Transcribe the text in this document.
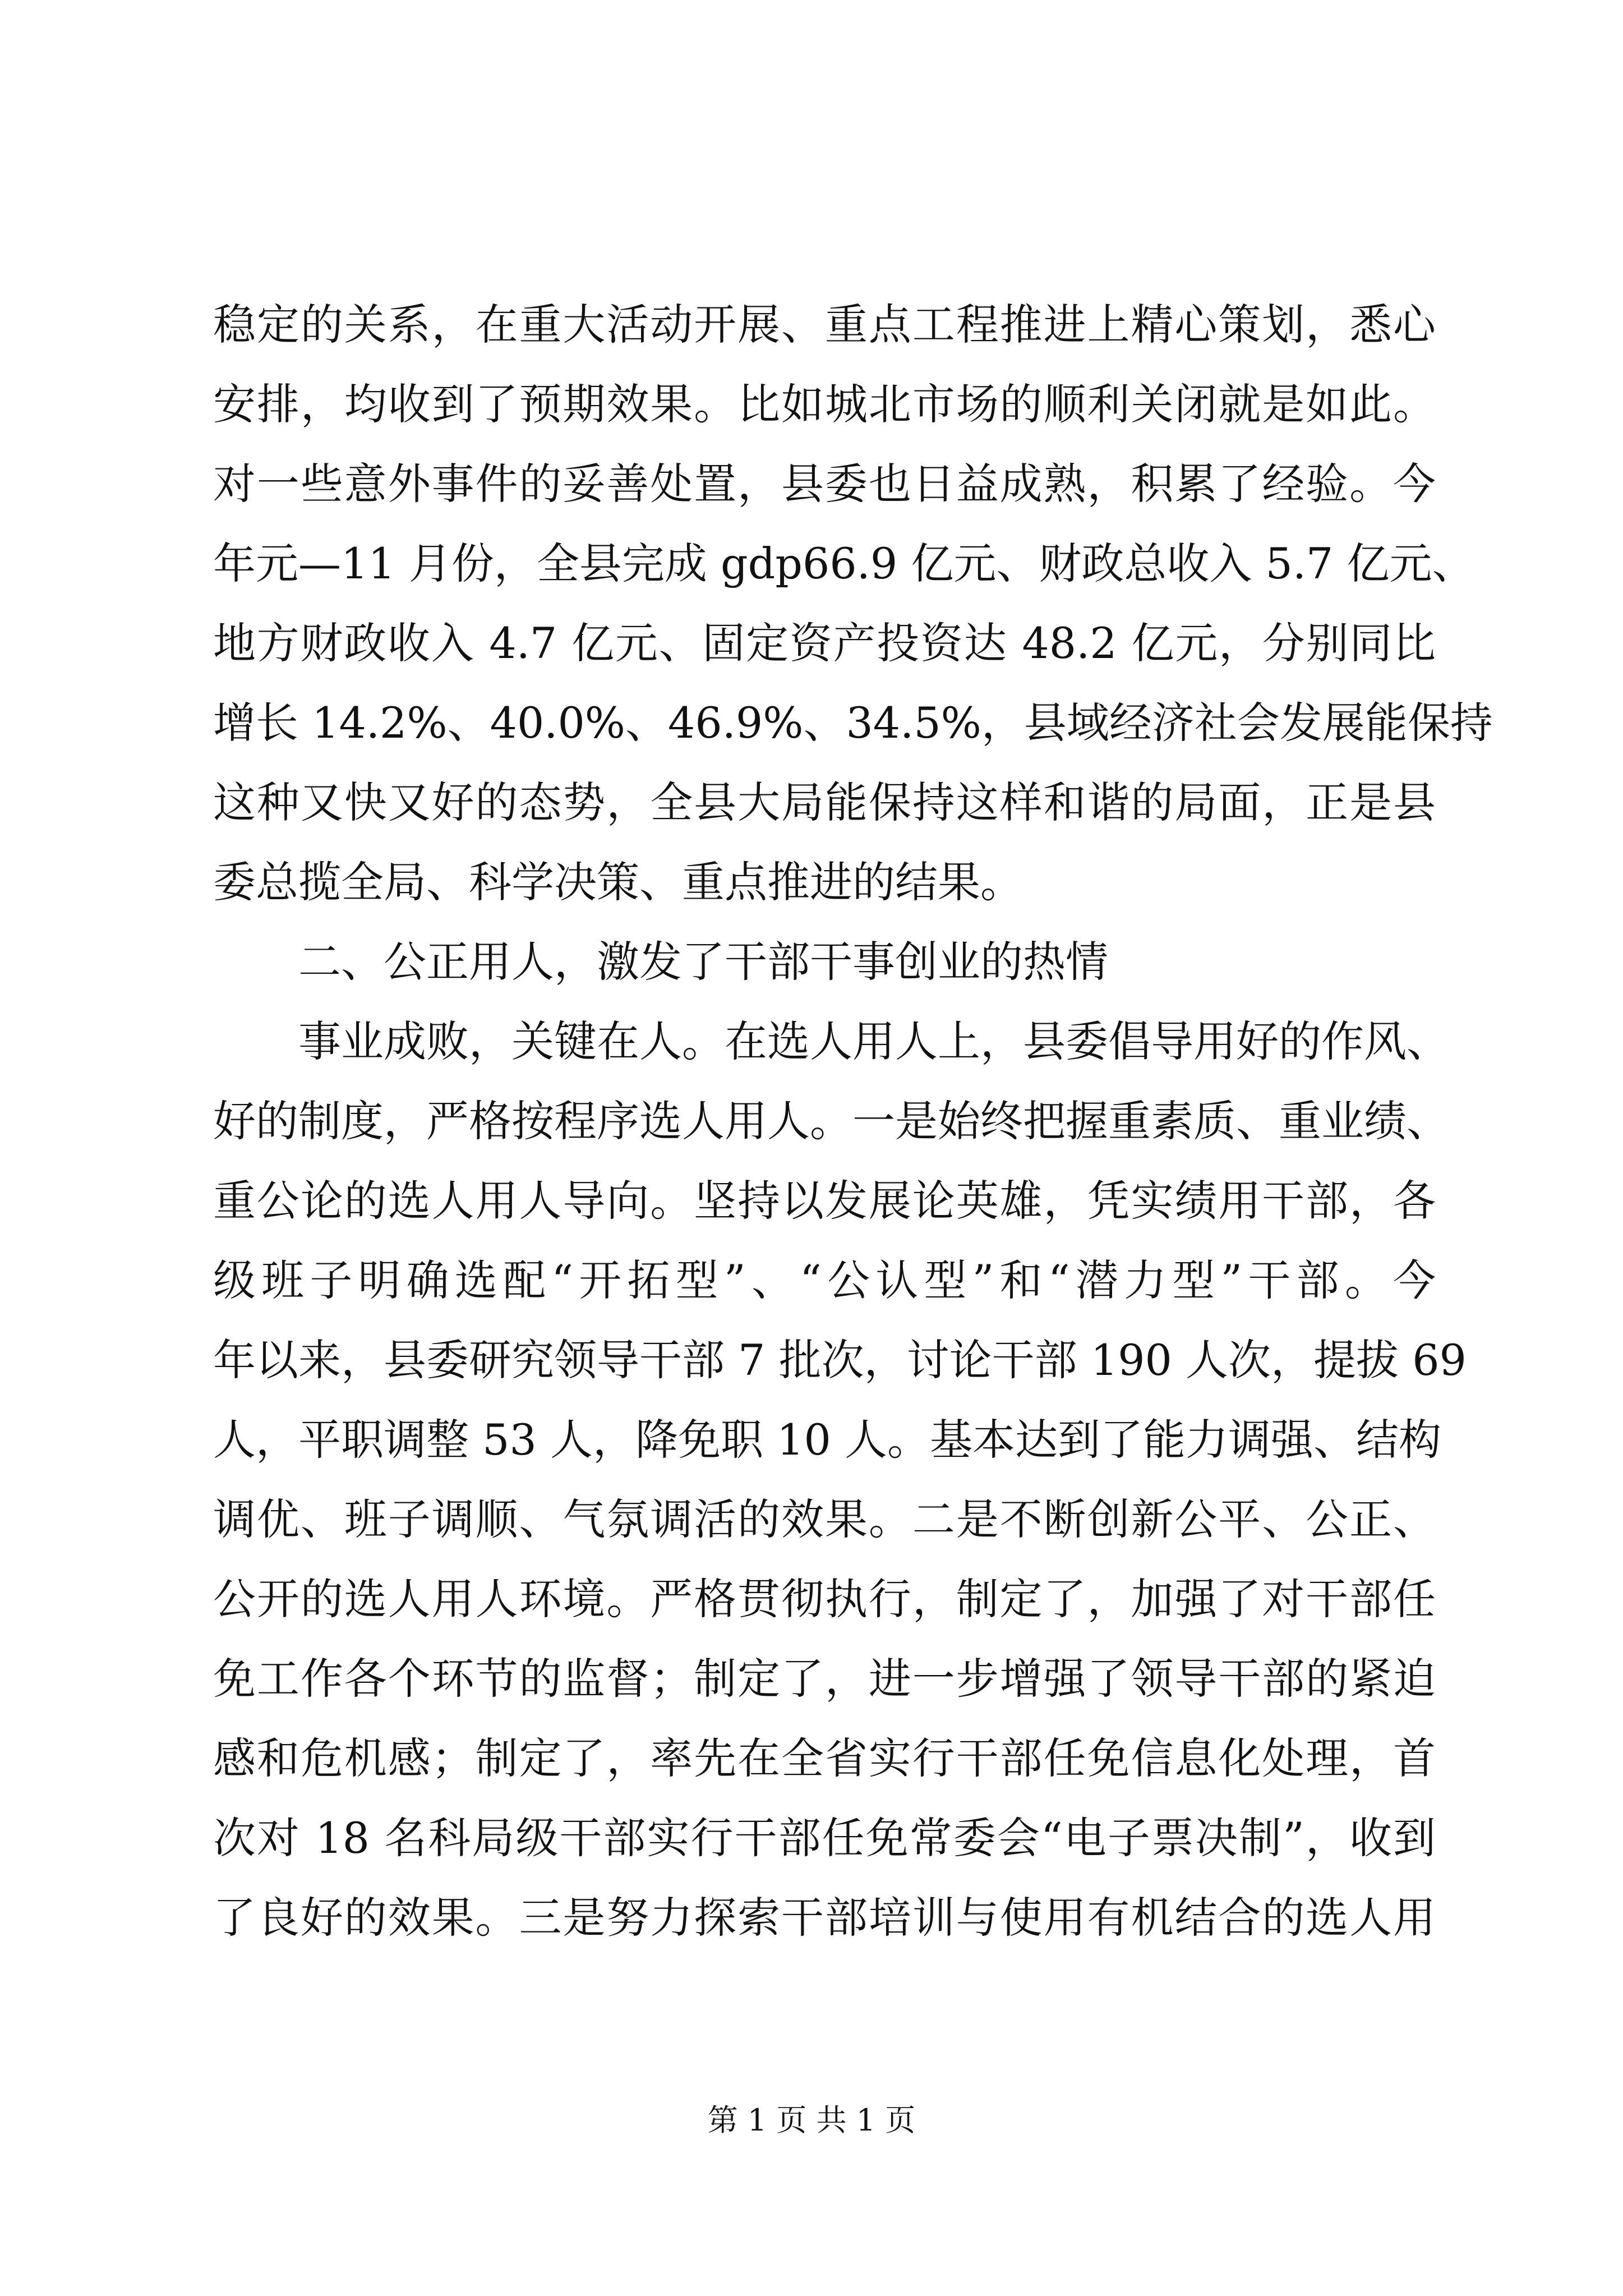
稳定的关系，在重大活动开展、重点工程推进上精心策划，悉心
安排，均收到了预期效果。比如城北市场的顺利关闭就是如此。
对一些意外事件的妥善处置，县委也日益成熟，积累了经验。今
年元—11 月份，全县完成 gdp66.9 亿元、财政总收入 5.7 亿元、
地方财政收入 4.7 亿元、固定资产投资达 48.2 亿元，分别同比
增长 14.2%、40.0%、46.9%、34.5%，县域经济社会发展能保持
这种又快又好的态势，全县大局能保持这样和谐的局面，正是县
委总揽全局、科学决策、重点推进的结果。
二、公正用人，激发了干部干事创业的热情
事业成败，关键在人。在选人用人上，县委倡导用好的作风、
好的制度，严格按程序选人用人。一是始终把握重素质、重业绩、
重公论的选人用人导向。坚持以发展论英雄，凭实绩用干部，各
级班子明确选配“开拓型”、“公认型”和“潜力型”干部。今
年以来，县委研究领导干部 7 批次，讨论干部 190 人次，提拔 69
人，平职调整 53 人，降免职 10 人。基本达到了能力调强、结构
调优、班子调顺、气氛调活的效果。二是不断创新公平、公正、
公开的选人用人环境。严格贯彻执行，制定了，加强了对干部任
免工作各个环节的监督；制定了，进一步增强了领导干部的紧迫
感和危机感；制定了，率先在全省实行干部任免信息化处理，首
次对 18 名科局级干部实行干部任免常委会“电子票决制”，收到
了良好的效果。三是努力探索干部培训与使用有机结合的选人用
第 1 页 共 1 页
